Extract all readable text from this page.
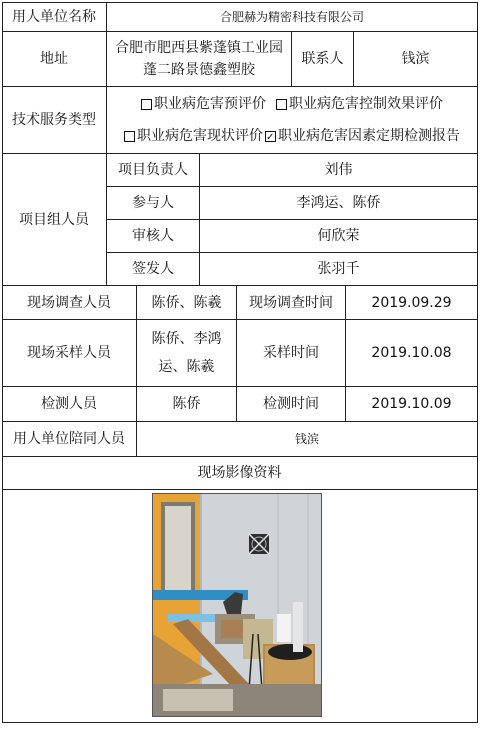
用人单位名称	合肥赫为精密科技有限公司
地址
合肥市肥西县紫蓬镇工业园蓬二路景德鑫塑胶
联系人	钱滨
技术服务类型
职业病危害预评价 职业病危害控制效果评价
职业病危害现状评价
✓ 职业病危害因素定期检测报告
项目组人员
项目负责人	刘伟
参与人	李鸿运、陈侨
审核人	何欣荣
签发人	张羽千
现场调查人员	陈侨、陈羲	现场调查时间	2019.09.29
现场采样人员
陈侨、李鸿运、陈羲
采样时间	2019.10.08
检测人员	陈侨	检测时间	2019.10.09
用人单位陪同人员	钱滨
现场影像资料
